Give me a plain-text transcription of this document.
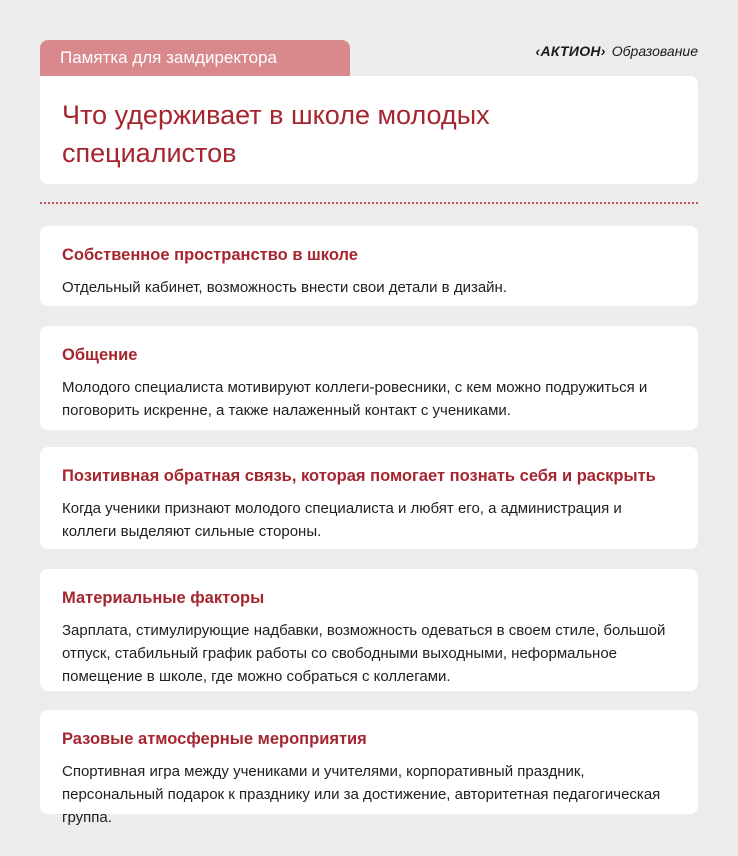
Памятка для замдиректора	‹АКТИОН› Образование
Что удерживает в школе молодых специалистов
Собственное пространство в школе

Отдельный кабинет, возможность внести свои детали в дизайн.

Общение

Молодого специалиста мотивируют коллеги-ровесники, с кем можно подружиться и поговорить искренне, а также налаженный контакт с учениками.

Позитивная обратная связь, которая помогает познать себя и раскрыть

Когда ученики признают молодого специалиста и любят его, а администрация и коллеги выделяют сильные стороны.

Материальные факторы

Зарплата, стимулирующие надбавки, возможность одеваться в своем стиле, большой отпуск, стабильный график работы со свободными выходными, неформальное помещение в школе, где можно собраться с коллегами.

Разовые атмосферные мероприятия

Спортивная игра между учениками и учителями, корпоративный праздник, персональный подарок к празднику или за достижение, авторитетная педагогическая группа.
